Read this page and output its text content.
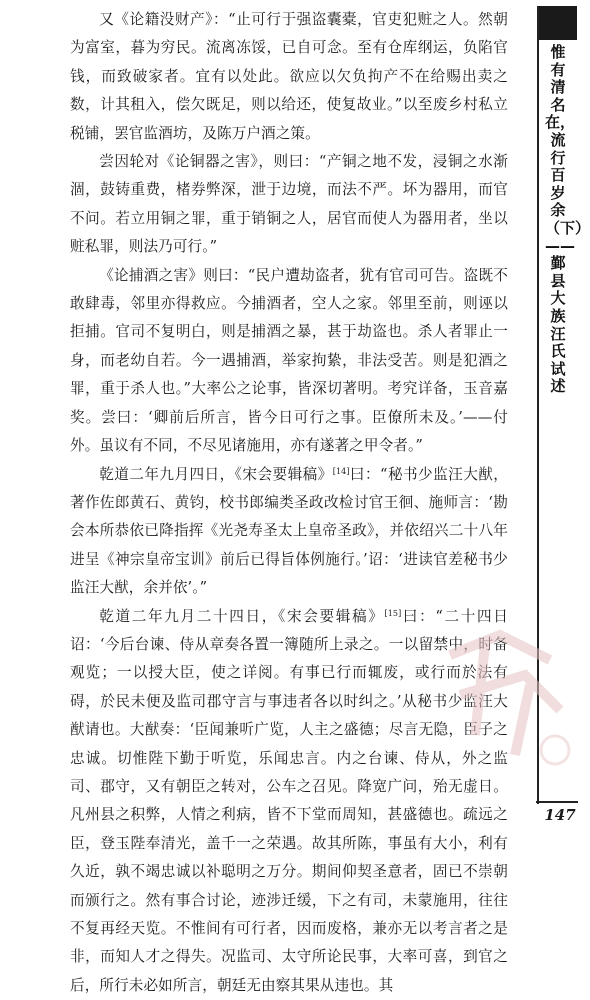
又《论籍没财产》：“止可行于强盗囊橐，官吏犯赃之人。然朝为富室，暮为穷民。流离冻馁，已自可念。至有仓库纲运，负陷官钱，而致破家者。宜有以处此。欲应以欠负拘产不在给赐出卖之数，计其租入，偿欠既足，则以给还，使复故业。”以至废乡村私立税铺，罢官监酒坊，及陈万户酒之策。

尝因轮对《论铜器之害》，则曰：“产铜之地不发，浸铜之水渐涸，鼓铸重费，楮券弊深，泄于边境，而法不严。坏为器用，而官不问。若立用铜之罪，重于销铜之人，居官而使人为器用者，坐以赃私罪，则法乃可行。”

《论捕酒之害》则曰：“民户遭劫盗者，犹有官司可告。盗既不敢肆毒，邻里亦得救应。今捕酒者，空人之家。邻里至前，则诬以拒捕。官司不复明白，则是捕酒之暴，甚于劫盗也。杀人者罪止一身，而老幼自若。今一遇捕酒，举家拘絷，非法受苦。则是犯酒之罪，重于杀人也。”大率公之论事，皆深切著明。考究详备，玉音嘉奖。尝曰：‘卿前后所言，皆今日可行之事。臣僚所未及。’——付外。虽议有不同，不尽见诸施用，亦有遂著之甲令者。”

乾道二年九月四日，《宋会要辑稿》[14]曰：“秘书少监汪大猷，著作佐郎黄石、黄钧，校书郎编类圣政改检讨官王徊、施师言：‘勘会本所恭依已降指挥《光尧寿圣太上皇帝圣政》，并依绍兴二十八年进呈《神宗皇帝宝训》前后已得旨体例施行。’诏：‘进读官差秘书少监汪大猷，余并依’。”

乾道二年九月二十四日，《宋会要辑稿》[15]曰：“二十四日诏：‘今后台谏、侍从章奏各置一簿随所上录之。一以留禁中，时备观览；一以授大臣，使之详阅。有事已行而辄废，或行而於法有碍，於民未便及监司郡守言与事违者各以时纠之。’从秘书少监汪大猷请也。大猷奏：‘臣闻兼听广览，人主之盛德；尽言无隐，臣子之忠诚。切惟陛下勤于听览，乐闻忠言。内之台谏、侍从，外之监司、郡守，又有朝臣之转对，公车之召见。降宽广问，殆无虚日。凡州县之积弊，人情之利病，皆不下堂而周知，甚盛德也。疏远之臣，登玉陛奉清光，盖千一之荣遇。故其所陈，事虽有大小，利有久近，孰不竭忠诚以补聪明之万分。期间仰契圣意者，固已不崇朝而颁行之。然有事合讨论，迹涉迁缓，下之有司，未蒙施用，往往不复再经天览。不惟间有可行者，因而废格，兼亦无以考言者之是非，而知人才之得失。况监司、太守所论民事，大率可喜，到官之后，所行未必如所言，朝廷无由察其果从违也。其

惟有清名在，流行百岁余（下）——鄞县大族汪氏试述
147
